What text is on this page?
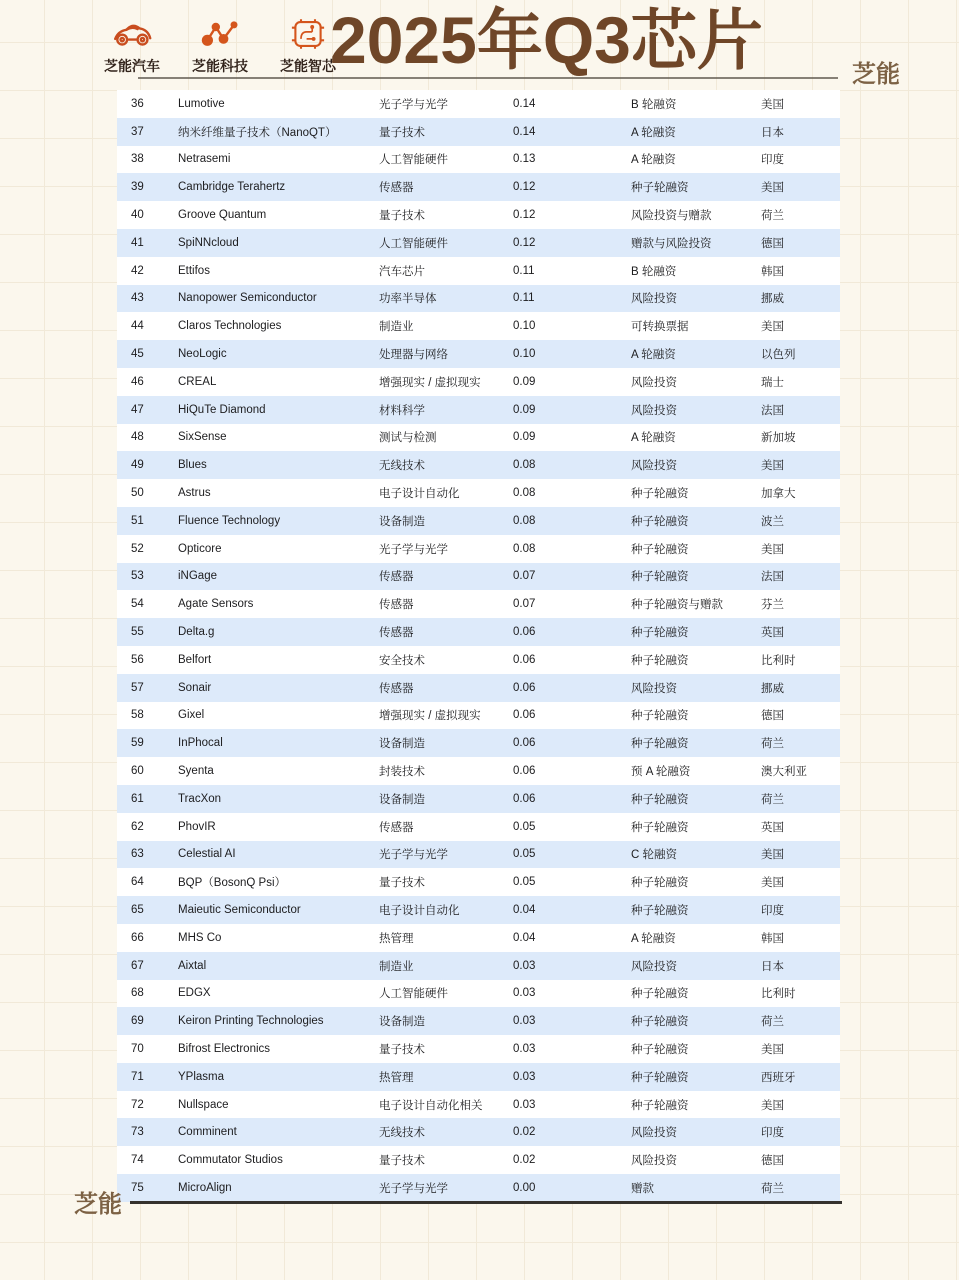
芝能汽车 芝能科技 芝能智芯
2025年Q3芯片	芝能
36	Lumotive	光子学与光学	0.14	B 轮融资	美国
37	纳米纤维量子技术（NanoQT）	量子技术	0.14	A 轮融资	日本
38	Netrasemi	人工智能硬件	0.13	A 轮融资	印度
39	Cambridge Terahertz	传感器	0.12	种子轮融资	美国
40	Groove Quantum	量子技术	0.12	风险投资与赠款	荷兰
41	SpiNNcloud	人工智能硬件	0.12	赠款与风险投资	德国
42	Ettifos	汽车芯片	0.11	B 轮融资	韩国
43	Nanopower Semiconductor	功率半导体	0.11	风险投资	挪威
44	Claros Technologies	制造业	0.10	可转换票据	美国
45	NeoLogic	处理器与网络	0.10	A 轮融资	以色列
46	CREAL	增强现实 / 虚拟现实	0.09	风险投资	瑞士
47	HiQuTe Diamond	材料科学	0.09	风险投资	法国
48	SixSense	测试与检测	0.09	A 轮融资	新加坡
49	Blues	无线技术	0.08	风险投资	美国
50	Astrus	电子设计自动化	0.08	种子轮融资	加拿大
51	Fluence Technology	设备制造	0.08	种子轮融资	波兰
52	Opticore	光子学与光学	0.08	种子轮融资	美国
53	iNGage	传感器	0.07	种子轮融资	法国
54	Agate Sensors	传感器	0.07	种子轮融资与赠款	芬兰
55	Delta.g	传感器	0.06	种子轮融资	英国
56	Belfort	安全技术	0.06	种子轮融资	比利时
57	Sonair	传感器	0.06	风险投资	挪威
58	Gixel	增强现实 / 虚拟现实	0.06	种子轮融资	德国
59	InPhocal	设备制造	0.06	种子轮融资	荷兰
60	Syenta	封装技术	0.06	预 A 轮融资	澳大利亚
61	TracXon	设备制造	0.06	种子轮融资	荷兰
62	PhovIR	传感器	0.05	种子轮融资	英国
63	Celestial AI	光子学与光学	0.05	C 轮融资	美国
64	BQP（BosonQ Psi）	量子技术	0.05	种子轮融资	美国
65	Maieutic Semiconductor	电子设计自动化	0.04	种子轮融资	印度
66	MHS Co	热管理	0.04	A 轮融资	韩国
67	Aixtal	制造业	0.03	风险投资	日本
68	EDGX	人工智能硬件	0.03	种子轮融资	比利时
69	Keiron Printing Technologies	设备制造	0.03	种子轮融资	荷兰
70	Bifrost Electronics	量子技术	0.03	种子轮融资	美国
71	YPlasma	热管理	0.03	种子轮融资	西班牙
72	Nullspace	电子设计自动化相关	0.03	种子轮融资	美国
73	Comminent	无线技术	0.02	风险投资	印度
74	Commutator Studios	量子技术	0.02	风险投资	德国
75	MicroAlign	光子学与光学	0.00	赠款	荷兰
芝能
